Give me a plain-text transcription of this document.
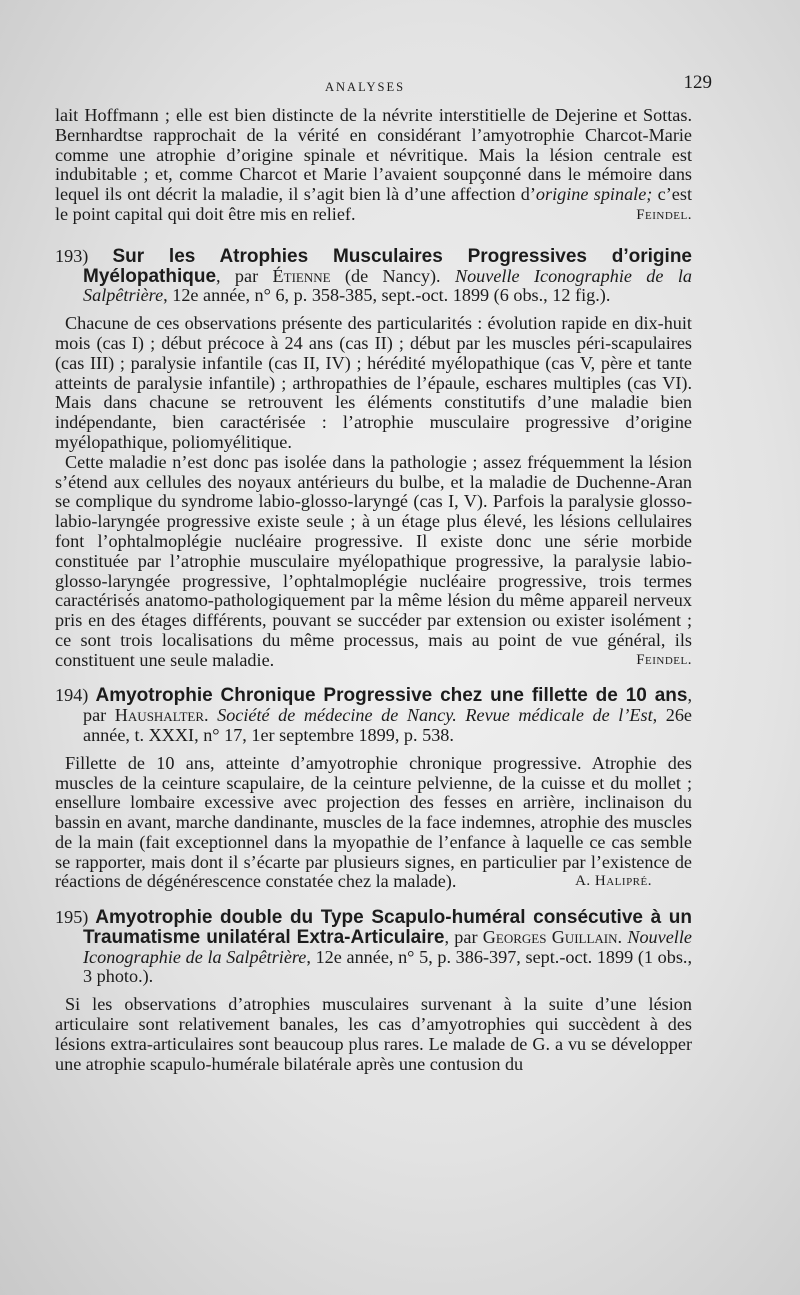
ANALYSES	129

lait Hoffmann ; elle est bien distincte de la névrite interstitielle de Dejerine et Sottas. Bernhardtse rapprochait de la vérité en considérant l’amyotrophie Charcot-Marie comme une atrophie d’origine spinale et névritique. Mais la lésion centrale est indubitable ; et, comme Charcot et Marie l’avaient soupçonné dans le mémoire dans lequel ils ont décrit la maladie, il s’agit bien là d’une affection d’origine spinale; c’est le point capital qui doit être mis en relief.	Feindel.

193) Sur les Atrophies Musculaires Progressives d’origine Myélopathique, par Étienne (de Nancy). Nouvelle Iconographie de la Salpêtrière, 12e année, n° 6, p. 358-385, sept.-oct. 1899 (6 obs., 12 fig.).

Chacune de ces observations présente des particularités : évolution rapide en dix-huit mois (cas I) ; début précoce à 24 ans (cas II) ; début par les muscles péri-scapulaires (cas III) ; paralysie infantile (cas II, IV) ; hérédité myélopathique (cas V, père et tante atteints de paralysie infantile) ; arthropathies de l’épaule, eschares multiples (cas VI). Mais dans chacune se retrouvent les éléments constitutifs d’une maladie bien indépendante, bien caractérisée : l’atrophie musculaire progressive d’origine myélopathique, poliomyélitique.

Cette maladie n’est donc pas isolée dans la pathologie ; assez fréquemment la lésion s’étend aux cellules des noyaux antérieurs du bulbe, et la maladie de Duchenne-Aran se complique du syndrome labio-glosso-laryngé (cas I, V). Parfois la paralysie glosso-labio-laryngée progressive existe seule ; à un étage plus élevé, les lésions cellulaires font l’ophtalmoplégie nucléaire progressive. Il existe donc une série morbide constituée par l’atrophie musculaire myélopathique progressive, la paralysie labio-glosso-laryngée progressive, l’ophtalmoplégie nucléaire progressive, trois termes caractérisés anatomo-pathologiquement par la même lésion du même appareil nerveux pris en des étages différents, pouvant se succéder par extension ou exister isolément ; ce sont trois localisations du même processus, mais au point de vue général, ils constituent une seule maladie.	Feindel.

194) Amyotrophie Chronique Progressive chez une fillette de 10 ans, par Haushalter. Société de médecine de Nancy. Revue médicale de l’Est, 26e année, t. XXXI, n° 17, 1er septembre 1899, p. 538.

Fillette de 10 ans, atteinte d’amyotrophie chronique progressive. Atrophie des muscles de la ceinture scapulaire, de la ceinture pelvienne, de la cuisse et du mollet ; ensellure lombaire excessive avec projection des fesses en arrière, inclinaison du bassin en avant, marche dandinante, muscles de la face indemnes, atrophie des muscles de la main (fait exceptionnel dans la myopathie de l’enfance à laquelle ce cas semble se rapporter, mais dont il s’écarte par plusieurs signes, en particulier par l’existence de réactions de dégénérescence constatée chez la malade).	A. Halipré.

195) Amyotrophie double du Type Scapulo-huméral consécutive à un Traumatisme unilatéral Extra-Articulaire, par Georges Guillain. Nouvelle Iconographie de la Salpêtrière, 12e année, n° 5, p. 386-397, sept.-oct. 1899 (1 obs., 3 photo.).

Si les observations d’atrophies musculaires survenant à la suite d’une lésion articulaire sont relativement banales, les cas d’amyotrophies qui succèdent à des lésions extra-articulaires sont beaucoup plus rares. Le malade de G. a vu se développer une atrophie scapulo-humérale bilatérale après une contusion du
